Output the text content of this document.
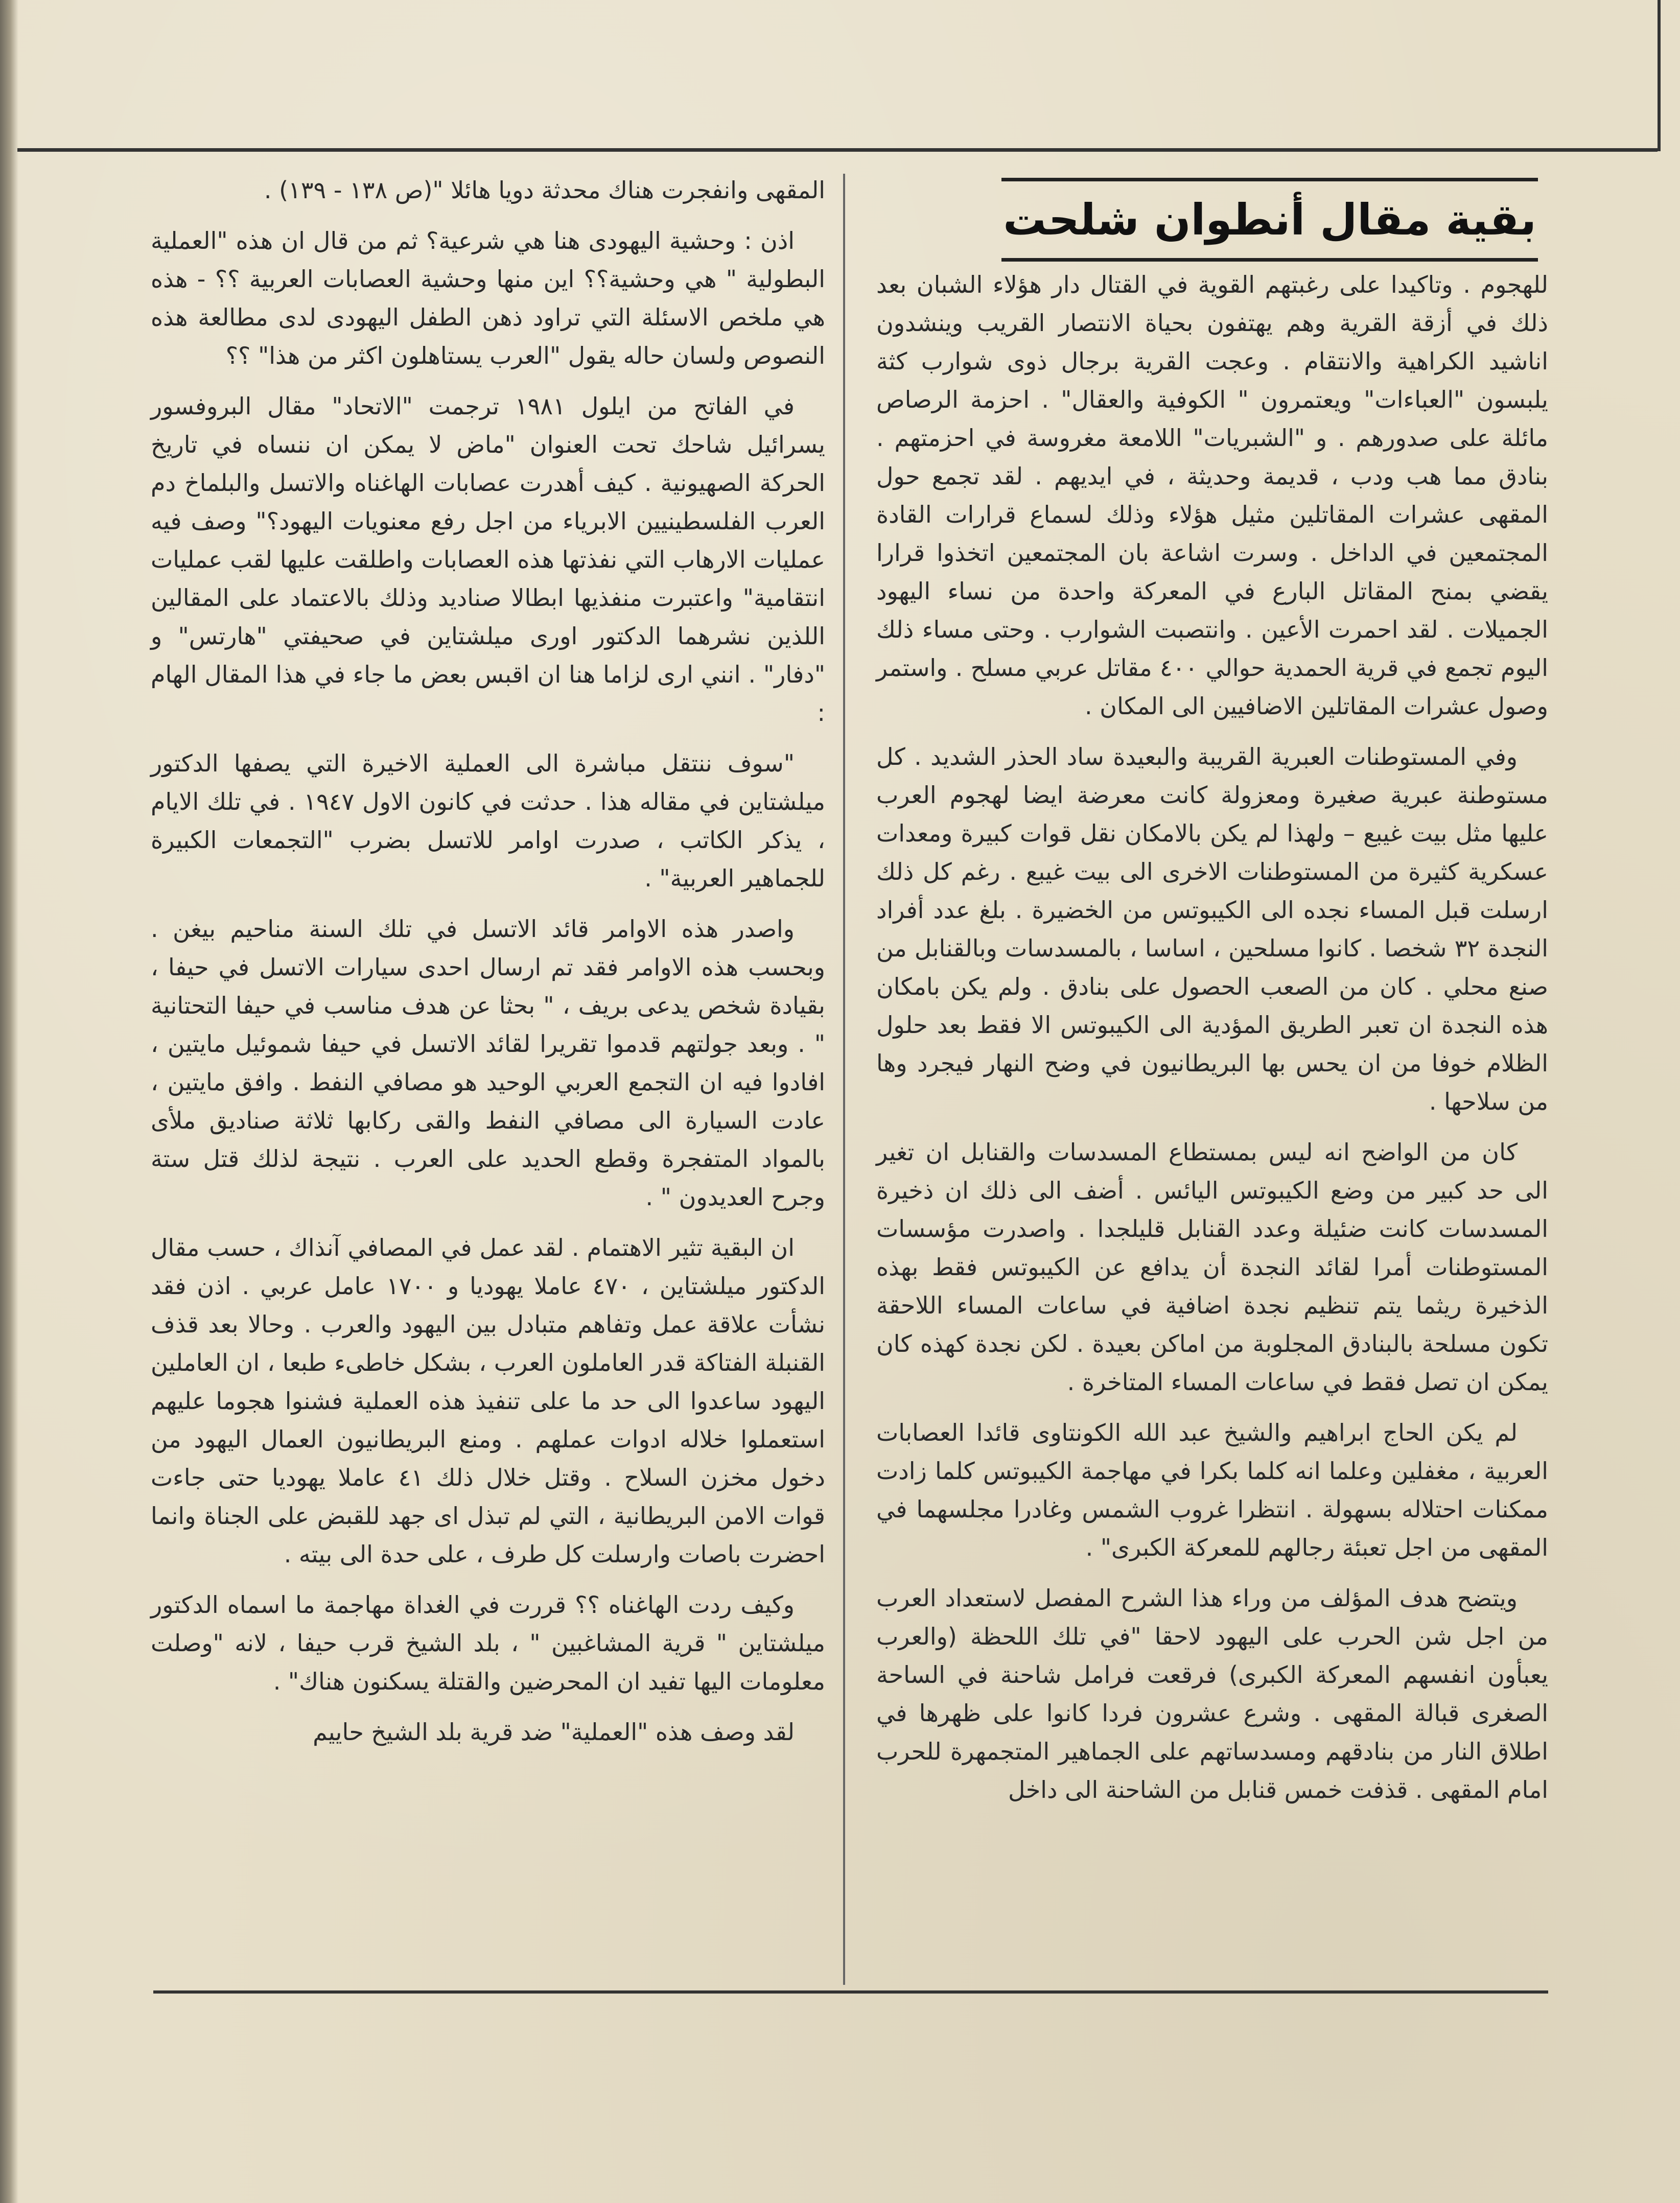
بقية مقال أنطوان شلحت

للهجوم . وتاكيدا على رغبتهم القوية في القتال دار هؤلاء الشبان بعد ذلك في أزقة القرية وهم يهتفون بحياة الانتصار القريب وينشدون اناشيد الكراهية والانتقام . وعجت القرية برجال ذوى شوارب كثة يلبسون "العباءات" ويعتمرون " الكوفية والعقال" . احزمة الرصاص مائلة على صدورهم . و "الشبريات" اللامعة مغروسة في احزمتهم . بنادق مما هب ودب ، قديمة وحديثة ، في ايديهم . لقد تجمع حول المقهى عشرات المقاتلين مثيل هؤلاء وذلك لسماع قرارات القادة المجتمعين في الداخل . وسرت اشاعة بان المجتمعين اتخذوا قرارا يقضي بمنح المقاتل البارع في المعركة واحدة من نساء اليهود الجميلات . لقد احمرت الأعين . وانتصبت الشوارب . وحتى مساء ذلك اليوم تجمع في قرية الحمدية حوالي ٤٠٠ مقاتل عربي مسلح . واستمر وصول عشرات المقاتلين الاضافيين الى المكان .

وفي المستوطنات العبرية القريبة والبعيدة ساد الحذر الشديد . كل مستوطنة عبرية صغيرة ومعزولة كانت معرضة ايضا لهجوم العرب عليها مثل بيت غيبع – ولهذا لم يكن بالامكان نقل قوات كبيرة ومعدات عسكرية كثيرة من المستوطنات الاخرى الى بيت غيبع . رغم كل ذلك ارسلت قبل المساء نجده الى الكيبوتس من الخضيرة . بلغ عدد أفراد النجدة ٣٢ شخصا . كانوا مسلحين ، اساسا ، بالمسدسات وبالقنابل من صنع محلي . كان من الصعب الحصول على بنادق . ولم يكن بامكان هذه النجدة ان تعبر الطريق المؤدية الى الكيبوتس الا فقط بعد حلول الظلام خوفا من ان يحس بها البريطانيون في وضح النهار فيجرد وها من سلاحها .

كان من الواضح انه ليس بمستطاع المسدسات والقنابل ان تغير الى حد كبير من وضع الكيبوتس اليائس . أضف الى ذلك ان ذخيرة المسدسات كانت ضئيلة وعدد القنابل قليلجدا . واصدرت مؤسسات المستوطنات أمرا لقائد النجدة أن يدافع عن الكيبوتس فقط بهذه الذخيرة ريثما يتم تنظيم نجدة اضافية في ساعات المساء اللاحقة تكون مسلحة بالبنادق المجلوبة من اماكن بعيدة . لكن نجدة كهذه كان يمكن ان تصل فقط في ساعات المساء المتاخرة .

لم يكن الحاج ابراهيم والشيخ عبد الله الكونتاوى قائدا العصابات العربية ، مغفلين وعلما انه كلما بكرا في مهاجمة الكيبوتس كلما زادت ممكنات احتلاله بسهولة . انتظرا غروب الشمس وغادرا مجلسهما في المقهى من اجل تعبئة رجالهم للمعركة الكبرى" .

ويتضح هدف المؤلف من وراء هذا الشرح المفصل لاستعداد العرب من اجل شن الحرب على اليهود لاحقا "في تلك اللحظة (والعرب يعبأون انفسهم المعركة الكبرى) فرقعت فرامل شاحنة في الساحة الصغرى قبالة المقهى . وشرع عشرون فردا كانوا على ظهرها في اطلاق النار من بنادقهم ومسدساتهم على الجماهير المتجمهرة للحرب امام المقهى . قذفت خمس قنابل من الشاحنة الى داخل

المقهى وانفجرت هناك محدثة دويا هائلا "(ص ١٣٨ - ١٣٩) .

اذن : وحشية اليهودى هنا هي شرعية؟ ثم من قال ان هذه "العملية البطولية " هي وحشية؟؟ اين منها وحشية العصابات العربية ؟؟ - هذه هي ملخص الاسئلة التي تراود ذهن الطفل اليهودى لدى مطالعة هذه النصوص ولسان حاله يقول "العرب يستاهلون اكثر من هذا" ؟؟

في الفاتح من ايلول ١٩٨١ ترجمت "الاتحاد" مقال البروفسور يسرائيل شاحك تحت العنوان "ماض لا يمكن ان ننساه في تاريخ الحركة الصهيونية . كيف أهدرت عصابات الهاغناه والاتسل والبلماخ دم العرب الفلسطينيين الابرياء من اجل رفع معنويات اليهود؟" وصف فيه عمليات الارهاب التي نفذتها هذه العصابات واطلقت عليها لقب عمليات انتقامية" واعتبرت منفذيها ابطالا صناديد وذلك بالاعتماد على المقالين اللذين نشرهما الدكتور اورى ميلشتاين في صحيفتي "هارتس" و "دفار" . انني ارى لزاما هنا ان اقبس بعض ما جاء في هذا المقال الهام :

"سوف ننتقل مباشرة الى العملية الاخيرة التي يصفها الدكتور ميلشتاين في مقاله هذا . حدثت في كانون الاول ١٩٤٧ . في تلك الايام ، يذكر الكاتب ، صدرت اوامر للاتسل بضرب "التجمعات الكبيرة للجماهير العربية" .

واصدر هذه الاوامر قائد الاتسل في تلك السنة مناحيم بيغن . وبحسب هذه الاوامر فقد تم ارسال احدى سيارات الاتسل في حيفا ، بقيادة شخص يدعى بريف ، " بحثا عن هدف مناسب في حيفا التحتانية " . وبعد جولتهم قدموا تقريرا لقائد الاتسل في حيفا شموئيل مايتين ، افادوا فيه ان التجمع العربي الوحيد هو مصافي النفط . وافق مايتين ، عادت السيارة الى مصافي النفط والقى ركابها ثلاثة صناديق ملأى بالمواد المتفجرة وقطع الحديد على العرب . نتيجة لذلك قتل ستة وجرح العديدون " .

ان البقية تثير الاهتمام . لقد عمل في المصافي آنذاك ، حسب مقال الدكتور ميلشتاين ، ٤٧٠ عاملا يهوديا و ١٧٠٠ عامل عربي . اذن فقد نشأت علاقة عمل وتفاهم متبادل بين اليهود والعرب . وحالا بعد قذف القنبلة الفتاكة قدر العاملون العرب ، بشكل خاطىء طبعا ، ان العاملين اليهود ساعدوا الى حد ما على تنفيذ هذه العملية فشنوا هجوما عليهم استعملوا خلاله ادوات عملهم . ومنع البريطانيون العمال اليهود من دخول مخزن السلاح . وقتل خلال ذلك ٤١ عاملا يهوديا حتى جاءت قوات الامن البريطانية ، التي لم تبذل اى جهد للقبض على الجناة وانما احضرت باصات وارسلت كل طرف ، على حدة الى بيته .

وكيف ردت الهاغناه ؟؟ قررت في الغداة مهاجمة ما اسماه الدكتور ميلشتاين " قرية المشاغبين " ، بلد الشيخ قرب حيفا ، لانه "وصلت معلومات اليها تفيد ان المحرضين والقتلة يسكنون هناك" .

لقد وصف هذه "العملية" ضد قرية بلد الشيخ حاييم
